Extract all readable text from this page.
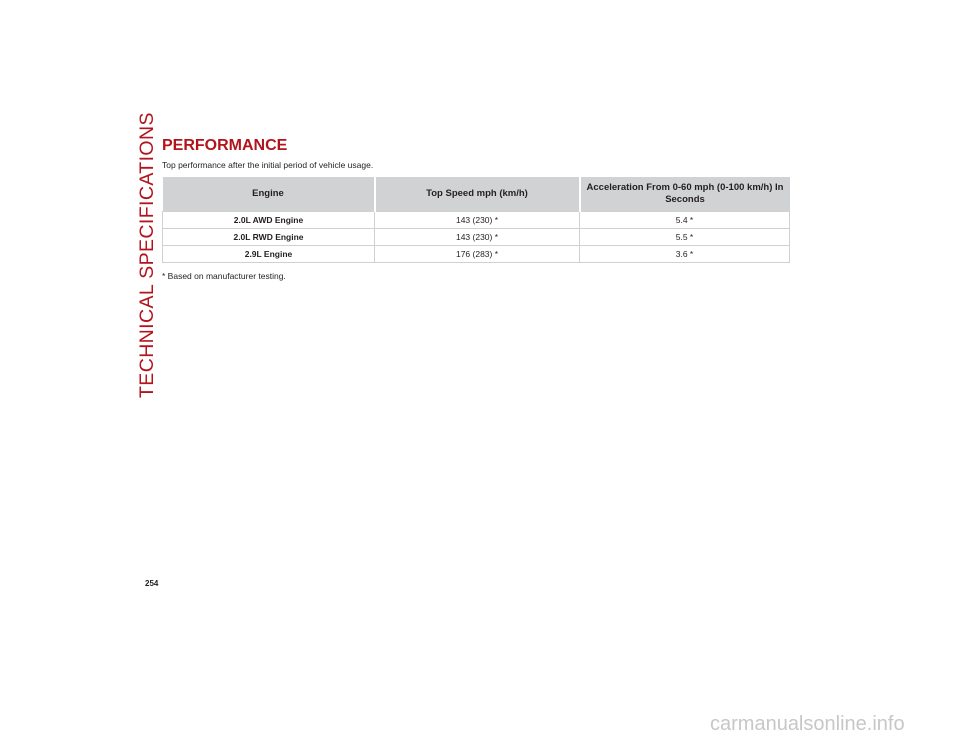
TECHNICAL SPECIFICATIONS PERFORMANCE

Top performance after the initial period of vehicle usage.

Engine	Top Speed mph (km/h)	Acceleration From 0-60 mph (0-100 km/h) In Seconds
2.0L AWD Engine	143 (230) *	5.4 *
2.0L RWD Engine	143 (230) *	5.5 *
2.9L Engine	176 (283) *	3.6 *

* Based on manufacturer testing.

254
carmanualsonline.info
